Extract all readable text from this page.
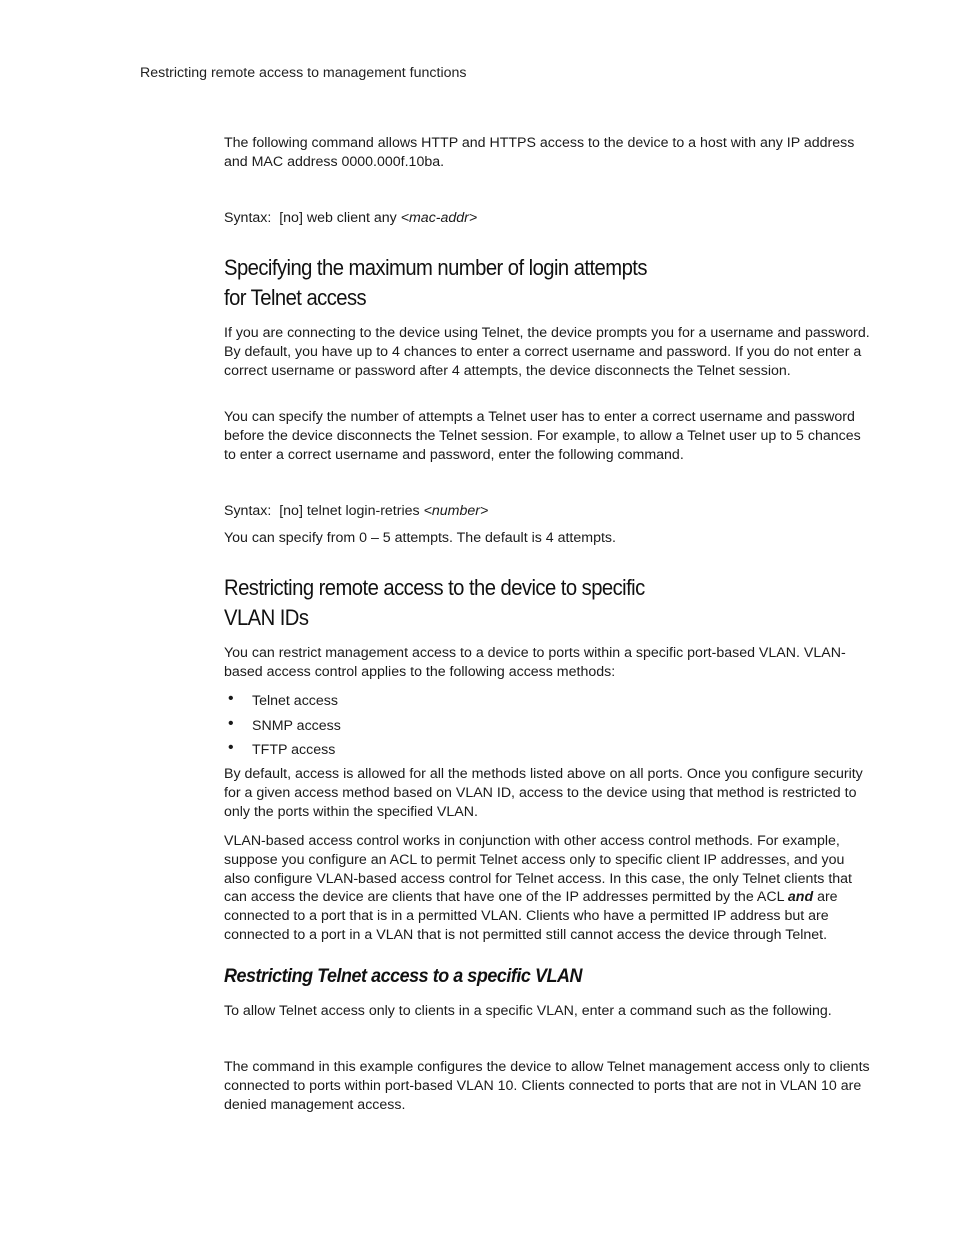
Restricting remote access to management functions

The following command allows HTTP and HTTPS access to the device to a host with any IP address and MAC address 0000.000f.10ba.

Syntax: [no] web client any <mac-addr>
Specifying the maximum number of login attempts
for Telnet access

If you are connecting to the device using Telnet, the device prompts you for a username and password. By default, you have up to 4 chances to enter a correct username and password. If you do not enter a correct username or password after 4 attempts, the device disconnects the Telnet session.

You can specify the number of attempts a Telnet user has to enter a correct username and password before the device disconnects the Telnet session. For example, to allow a Telnet user up to 5 chances to enter a correct username and password, enter the following command.

Syntax: [no] telnet login-retries <number>

You can specify from 0 – 5 attempts. The default is 4 attempts.

Restricting remote access to the device to specific
VLAN IDs

You can restrict management access to a device to ports within a specific port-based VLAN. VLAN-based access control applies to the following access methods:

• Telnet access
• SNMP access
• TFTP access

By default, access is allowed for all the methods listed above on all ports. Once you configure security for a given access method based on VLAN ID, access to the device using that method is restricted to only the ports within the specified VLAN.

VLAN-based access control works in conjunction with other access control methods. For example, suppose you configure an ACL to permit Telnet access only to specific client IP addresses, and you also configure VLAN-based access control for Telnet access. In this case, the only Telnet clients that can access the device are clients that have one of the IP addresses permitted by the ACL and are connected to a port that is in a permitted VLAN. Clients who have a permitted IP address but are connected to a port in a VLAN that is not permitted still cannot access the device through Telnet.

Restricting Telnet access to a specific VLAN

To allow Telnet access only to clients in a specific VLAN, enter a command such as the following.

The command in this example configures the device to allow Telnet management access only to clients connected to ports within port-based VLAN 10. Clients connected to ports that are not in VLAN 10 are denied management access.
